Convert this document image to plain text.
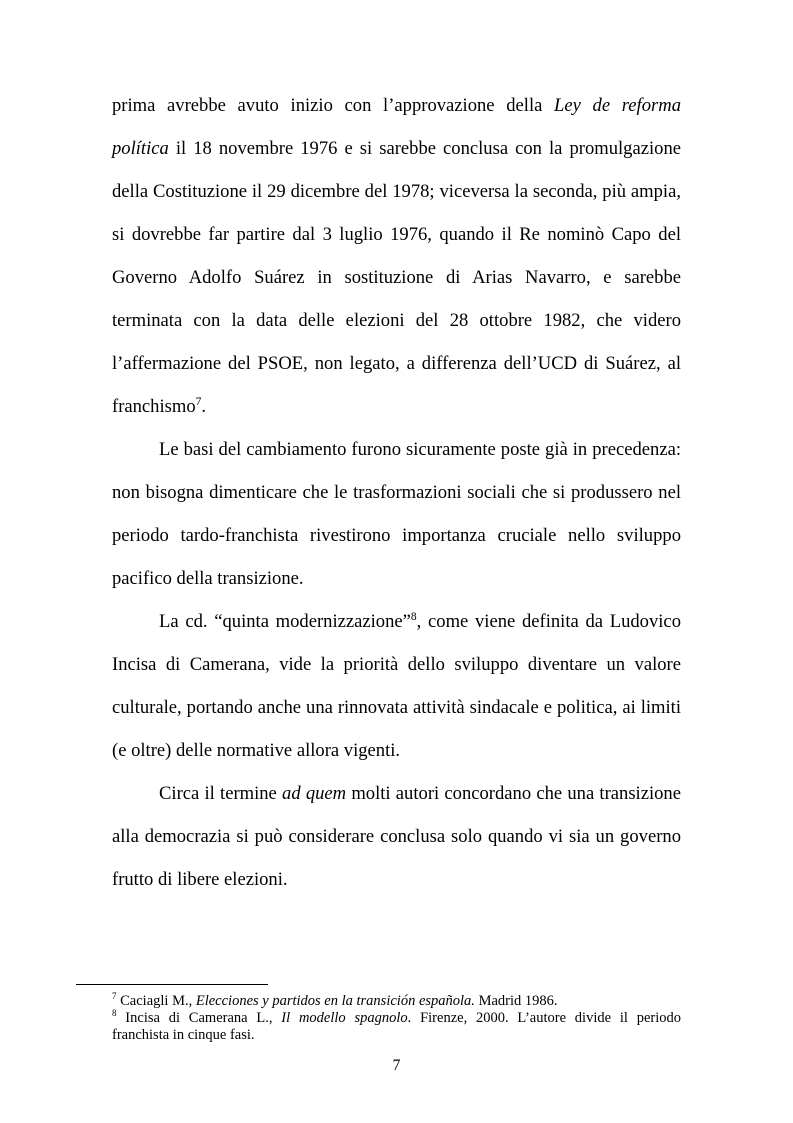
prima avrebbe avuto inizio con l’approvazione della Ley de reforma
política il 18 novembre 1976 e si sarebbe conclusa con la promulgazione
della Costituzione il 29 dicembre del 1978; viceversa la seconda, più ampia,
si dovrebbe far partire dal 3 luglio 1976, quando il Re nominò Capo del
Governo Adolfo Suárez in sostituzione di Arias Navarro, e sarebbe
terminata con la data delle elezioni del 28 ottobre 1982, che videro
l’affermazione del PSOE, non legato, a differenza dell’UCD di Suárez, al
franchismo$^7$.
Le basi del cambiamento furono sicuramente poste già in precedenza:
non bisogna dimenticare che le trasformazioni sociali che si produssero nel
periodo tardo-franchista rivestirono importanza cruciale nello sviluppo
pacifico della transizione.
La cd. “quinta modernizzazione”$^8$, come viene definita da Ludovico
Incisa di Camerana, vide la priorità dello sviluppo diventare un valore
culturale, portando anche una rinnovata attività sindacale e politica, ai limiti
(e oltre) delle normative allora vigenti.
Circa il termine ad quem molti autori concordano che una transizione
alla democrazia si può considerare conclusa solo quando vi sia un governo
frutto di libere elezioni.
$^7$ Caciagli M., Elecciones y partidos en la transición española. Madrid 1986.
$^8$ Incisa di Camerana L., Il modello spagnolo. Firenze, 2000. L’autore divide il periodo
franchista in cinque fasi.
7
